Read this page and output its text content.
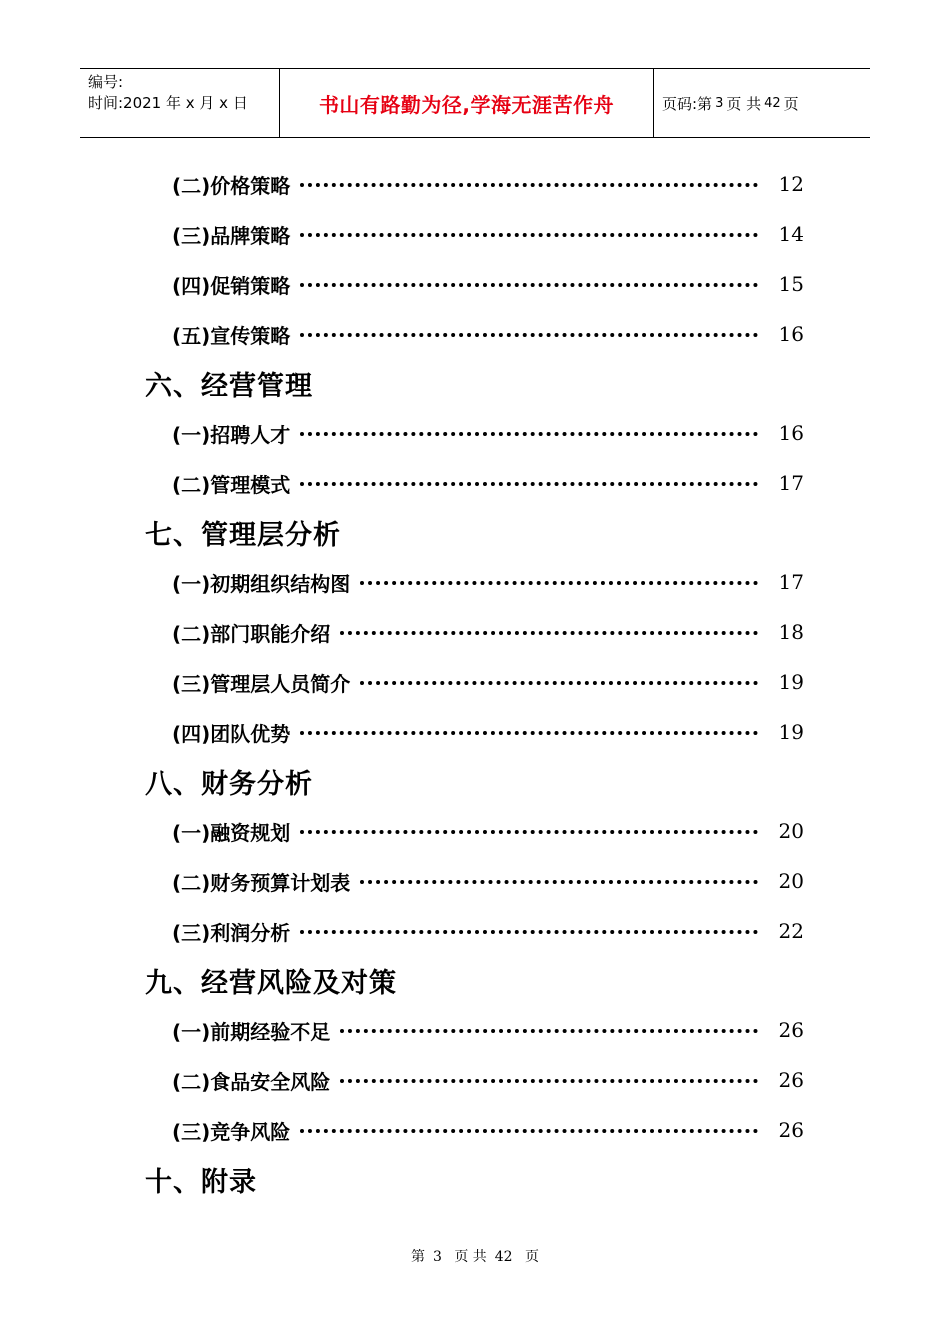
编号:
时间:2021 年 x 月 x 日	书山有路勤为径,学海无涯苦作舟	页码:第 3 页 共 42 页
(二)价格策略	12
(三)品牌策略	14
(四)促销策略	15
(五)宣传策略	16
六、经营管理
(一)招聘人才	16
(二)管理模式	17
七、管理层分析
(一)初期组织结构图	17
(二)部门职能介绍	18
(三)管理层人员简介	19
(四)团队优势	19
八、财务分析
(一)融资规划	20
(二)财务预算计划表	20
(三)利润分析	22
九、经营风险及对策
(一)前期经验不足	26
(二)食品安全风险	26
(三)竞争风险	26
十、附录
第 3 页 共 42 页
